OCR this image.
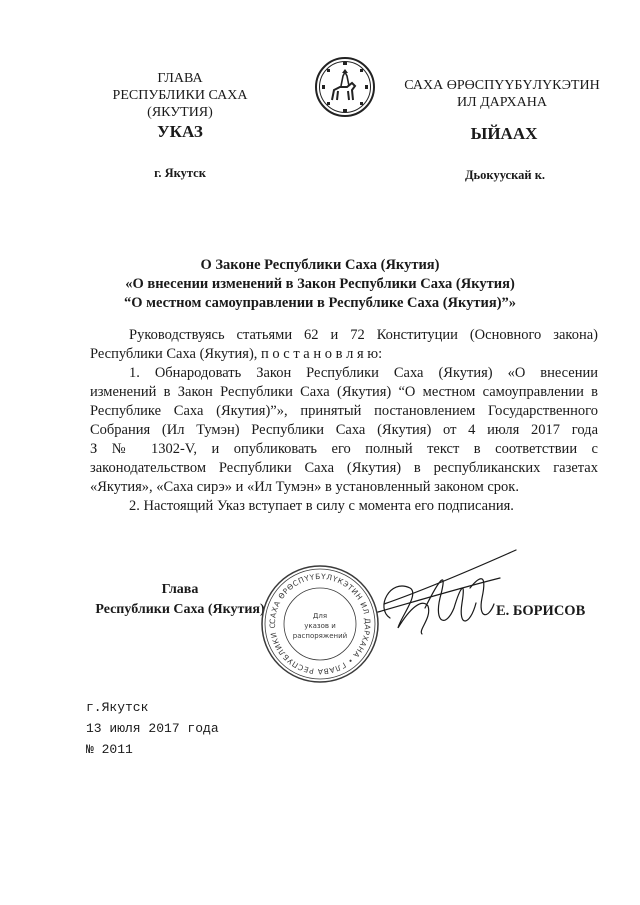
ГЛАВА
РЕСПУБЛИКИ САХА (ЯКУТИЯ)
САХА ӨРӨСПҮҮБҮЛҮКЭТИН
ИЛ ДАРХАНА
УКАЗ	ЫЙААХ
г. Якутск	Дьокуускай к.
О Законе Республики Саха (Якутия)
«О внесении изменений в Закон Республики Саха (Якутия)
“О местном самоуправлении в Республике Саха (Якутия)”»
Руководствуясь статьями 62 и 72 Конституции (Основного закона)
Республики Саха (Якутия), п о с т а н о в л я ю:
1. Обнародовать Закон Республики Саха (Якутия) «О внесении
изменений в Закон Республики Саха (Якутия) “О местном самоуправлении в
Республике Саха (Якутия)”», принятый постановлением Государственного
Собрания (Ил Тумэн) Республики Саха (Якутия) от 4 июля 2017 года
З № 1302-V, и опубликовать его полный текст в соответствии с
законодательством Республики Саха (Якутия) в республиканских газетах
«Якутия», «Саха сирэ» и «Ил Тумэн» в установленный законом срок.
2. Настоящий Указ вступает в силу с момента его подписания.
Глава
Республики Саха (Якутия)
САХА ӨРӨСПҮҮБҮЛҮКЭТИН ИЛ ДАРХАНА • ГЛАВА РЕСПУБЛИКИ С
Для
указов и
распоряжений
Е. БОРИСОВ
г.Якутск
13 июля 2017 года
№ 2011
